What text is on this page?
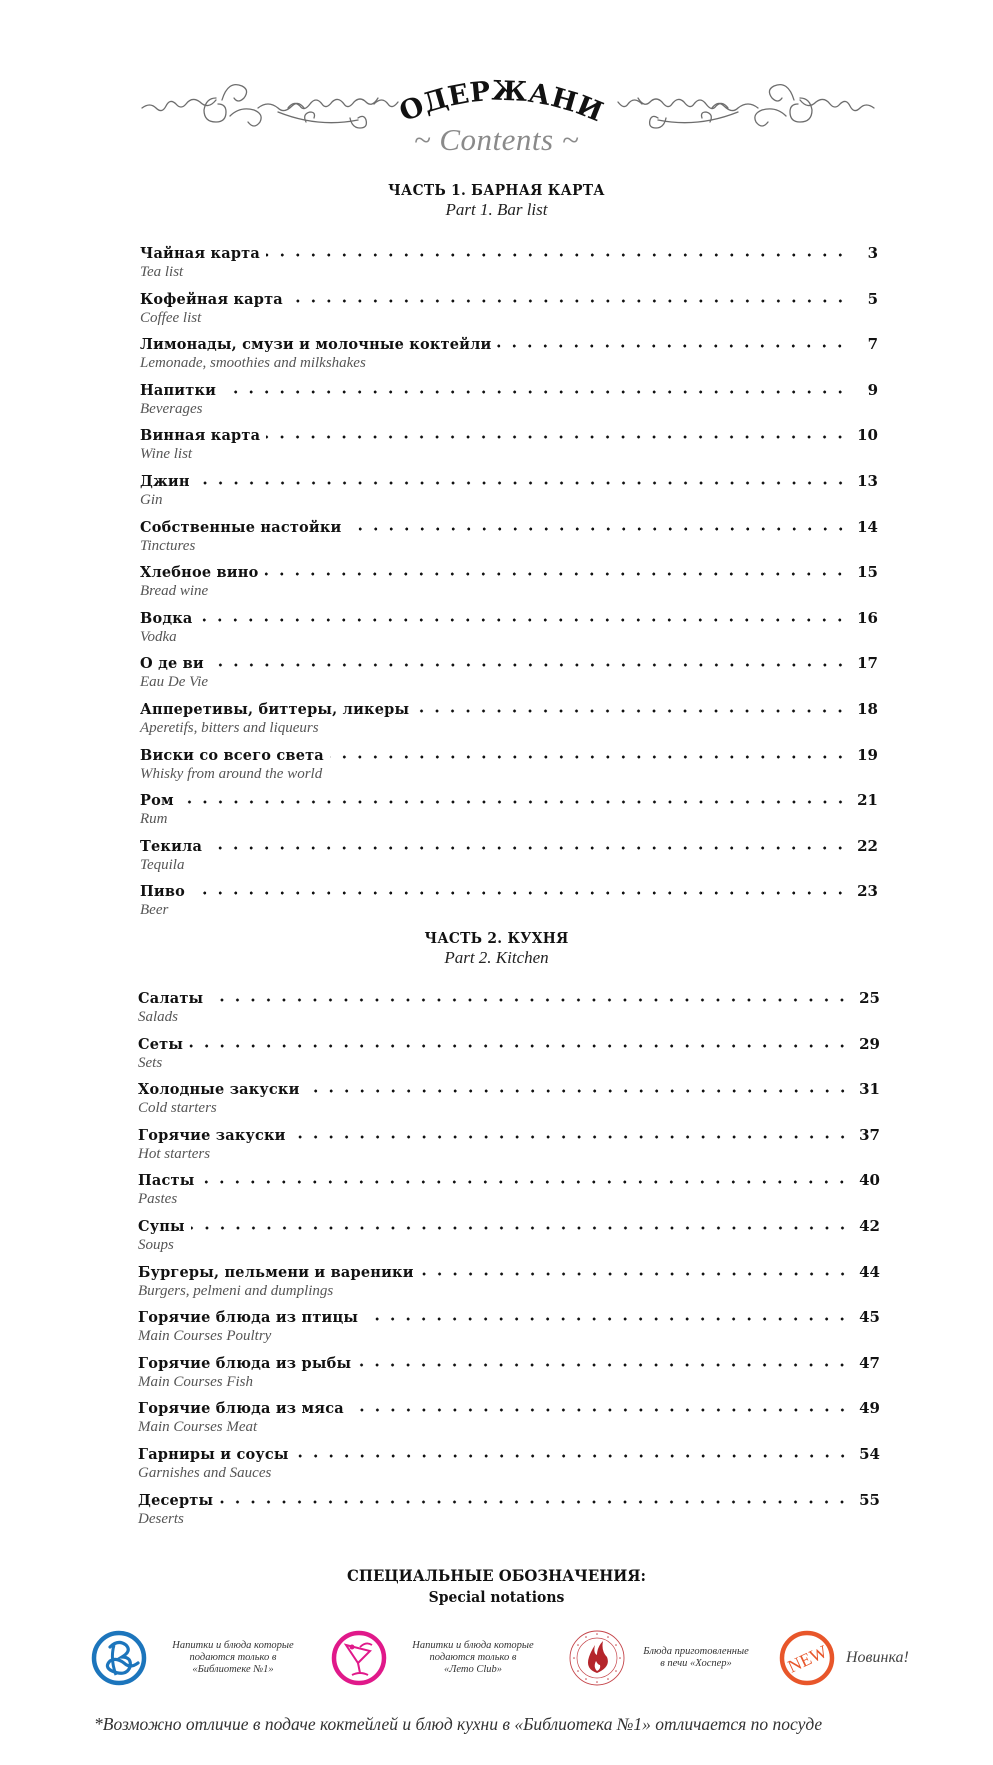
ОДЕРЖАНИ
~ Contents ~
ЧАСТЬ 1. БАРНАЯ КАРТА
Part 1. Bar list
Чайная карта	3
Tea list
Кофейная карта	5
Coffee list
Лимонады, смузи и молочные коктейли	7
Lemonade, smoothies and milkshakes
Напитки	9
Beverages
Винная карта	10
Wine list
Джин	13
Gin
Собственные настойки	14
Tinctures
Хлебное вино	15
Bread wine
Водка	16
Vodka
О де ви	17
Eau De Vie
Апперетивы, биттеры, ликеры	18
Aperetifs, bitters and liqueurs
Виски со всего света	19
Whisky from around the world
Ром	21
Rum
Текила	22
Tequila
Пиво	23
Beer
ЧАСТЬ 2. КУХНЯ
Part 2. Kitchen
Салаты	25
Salads
Сеты	29
Sets
Холодные закуски	31
Cold starters
Горячие закуски	37
Hot starters
Пасты	40
Pastes
Супы	42
Soups
Бургеры, пельмени и вареники	44
Burgers, pelmeni and dumplings
Горячие блюда из птицы	45
Main Courses Poultry
Горячие блюда из рыбы	47
Main Courses Fish
Горячие блюда из мяса	49
Main Courses Meat
Гарниры и соусы	54
Garnishes and Sauces
Десерты	55
Deserts
СПЕЦИАЛЬНЫЕ ОБОЗНАЧЕНИЯ:
Special notations
Напитки и блюда которые
подаются только в
«Библиотеке №1»
Напитки и блюда которые
подаются только в
«Лето Club»
Блюда приготовленные
в печи «Хоспер»	NEW Новинка!
*Возможно отличие в подаче коктейлей и блюд кухни в «Библиотека №1» отличается по посуде
